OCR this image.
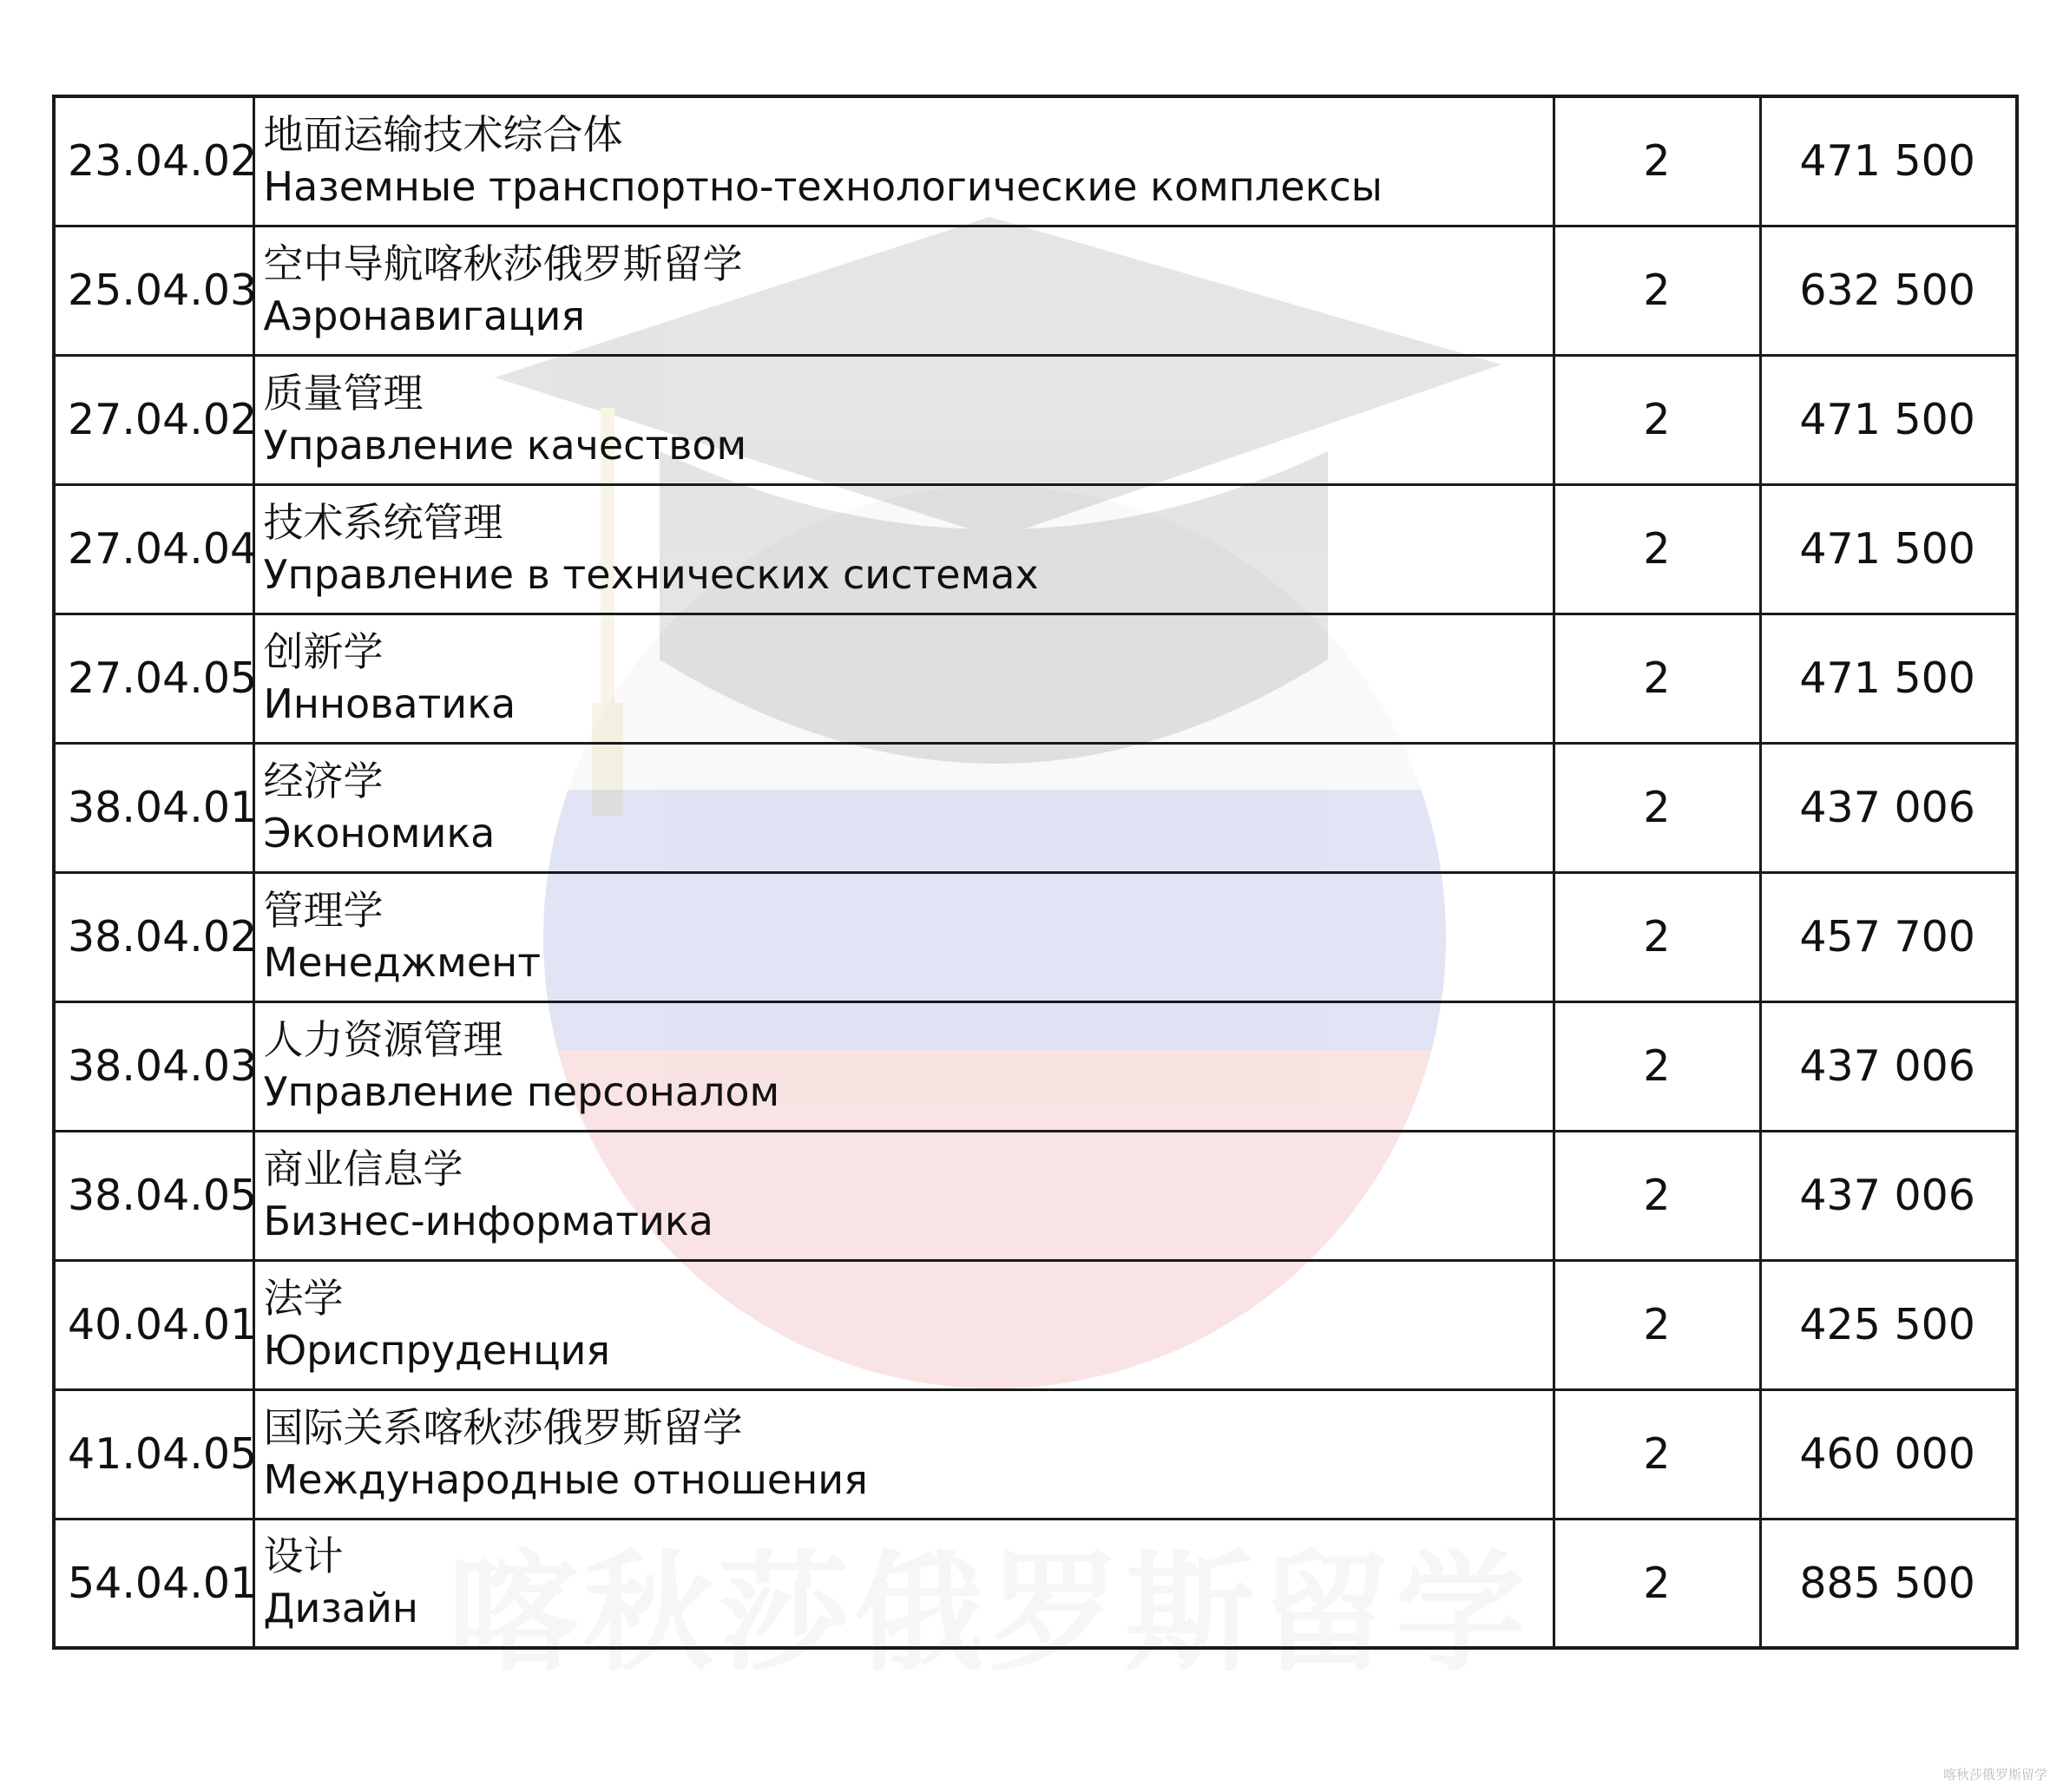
喀秋莎俄罗斯留学
23.04.02	地面运输技术综合体
Наземные транспортно-технологические комплексы	2	471 500
25.04.03	空中导航喀秋莎俄罗斯留学
Аэронавигация	2	632 500
27.04.02	质量管理
Управление качеством	2	471 500
27.04.04	技术系统管理
Управление в технических системах	2	471 500
27.04.05	创新学
Инноватика	2	471 500
38.04.01	经济学
Экономика	2	437 006
38.04.02	管理学
Менеджмент	2	457 700
38.04.03	人力资源管理
Управление персоналом	2	437 006
38.04.05	商业信息学
Бизнес-информатика	2	437 006
40.04.01	法学
Юриспруденция	2	425 500
41.04.05	国际关系喀秋莎俄罗斯留学
Международные отношения	2	460 000
54.04.01	设计
Дизайн	2	885 500
喀秋莎俄罗斯留学
